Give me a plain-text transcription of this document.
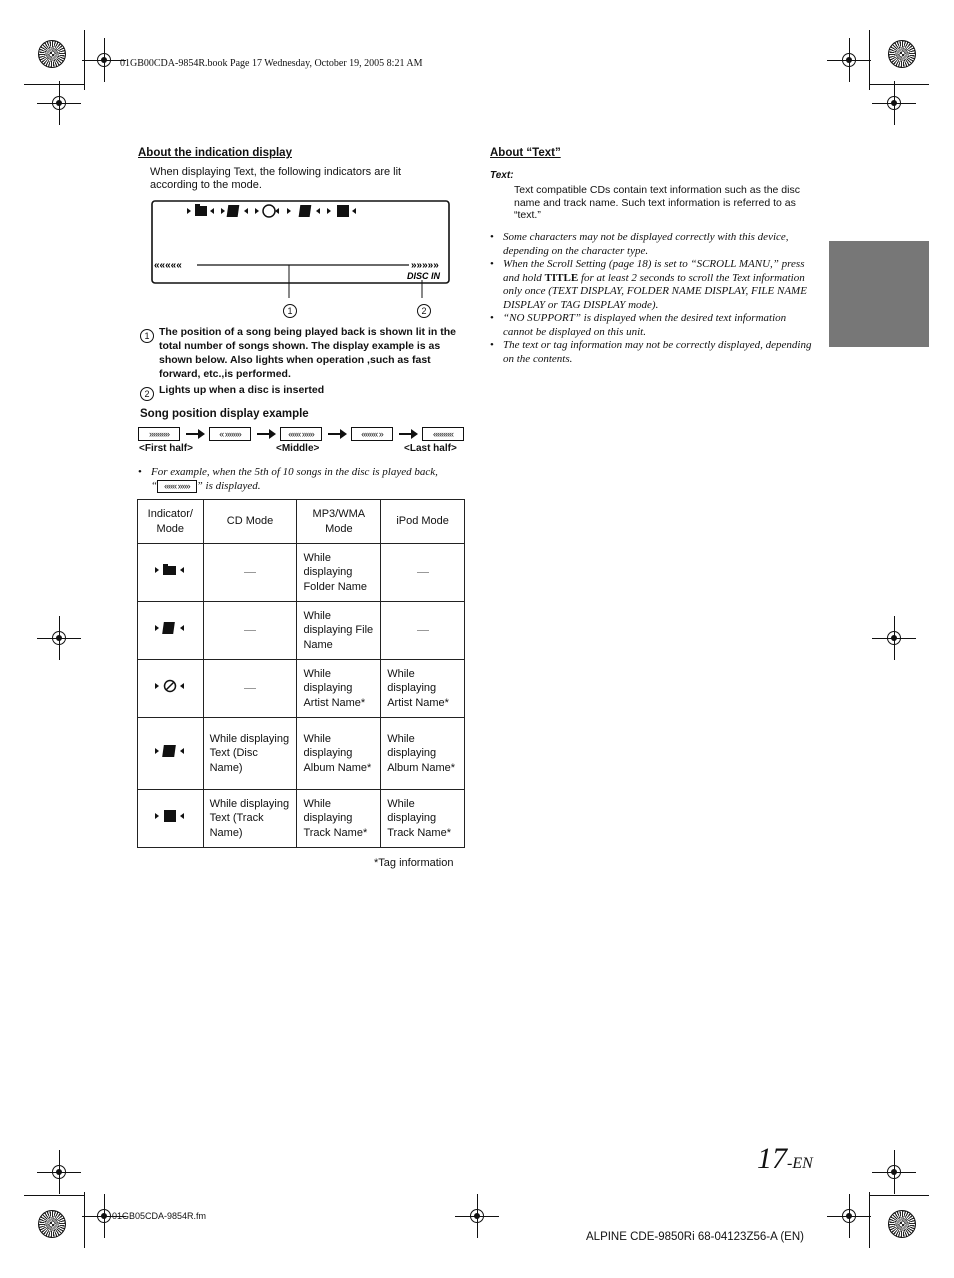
01GB00CDA-9854R.book Page 17 Wednesday, October 19, 2005 8:21 AM
About the indication display
When displaying Text, the following indicators are lit according to the mode.
«««««	»»»»»
DISC IN
1	2
1 The position of a song being played back is shown lit in the total number of songs shown. The display example is as shown below. Also lights when operation ,such as fast forward, etc.,is performed.
2 Lights up when a disc is inserted
Song position display example
»»»»»	« »»»»	««« »»»	«««« »	«««««
<First half>	<Middle>	<Last half>
• For example, when the 5th of 10 songs in the disc is played back,
“ ««« »»» ” is displayed.
Indicator/ Mode	CD Mode	MP3/WMA Mode	iPod Mode
		While displaying Folder Name	
		While displaying File Name	
		While displaying Artist Name*	While displaying Artist Name*
	While displaying Text (Disc Name)	While displaying Album Name*	While displaying Album Name*
	While displaying Text (Track Name)	While displaying Track Name*	While displaying Track Name*
*Tag information
About “Text”
Text:
Text compatible CDs contain text information such as the disc name and track name. Such text information is referred to as “text.”
• Some characters may not be displayed correctly with this device, depending on the character type.
• When the Scroll Setting (page 18) is set to “SCROLL MANU,” press and hold TITLE for at least 2 seconds to scroll the Text information only once (TEXT DISPLAY, FOLDER NAME DISPLAY, FILE NAME DISPLAY or TAG DISPLAY mode).
• “NO SUPPORT” is displayed when the desired text information cannot be displayed on this unit.
• The text or tag information may not be correctly displayed, depending on the contents.
17-EN
01GB05CDA-9854R.fm
ALPINE CDE-9850Ri 68-04123Z56-A (EN)
